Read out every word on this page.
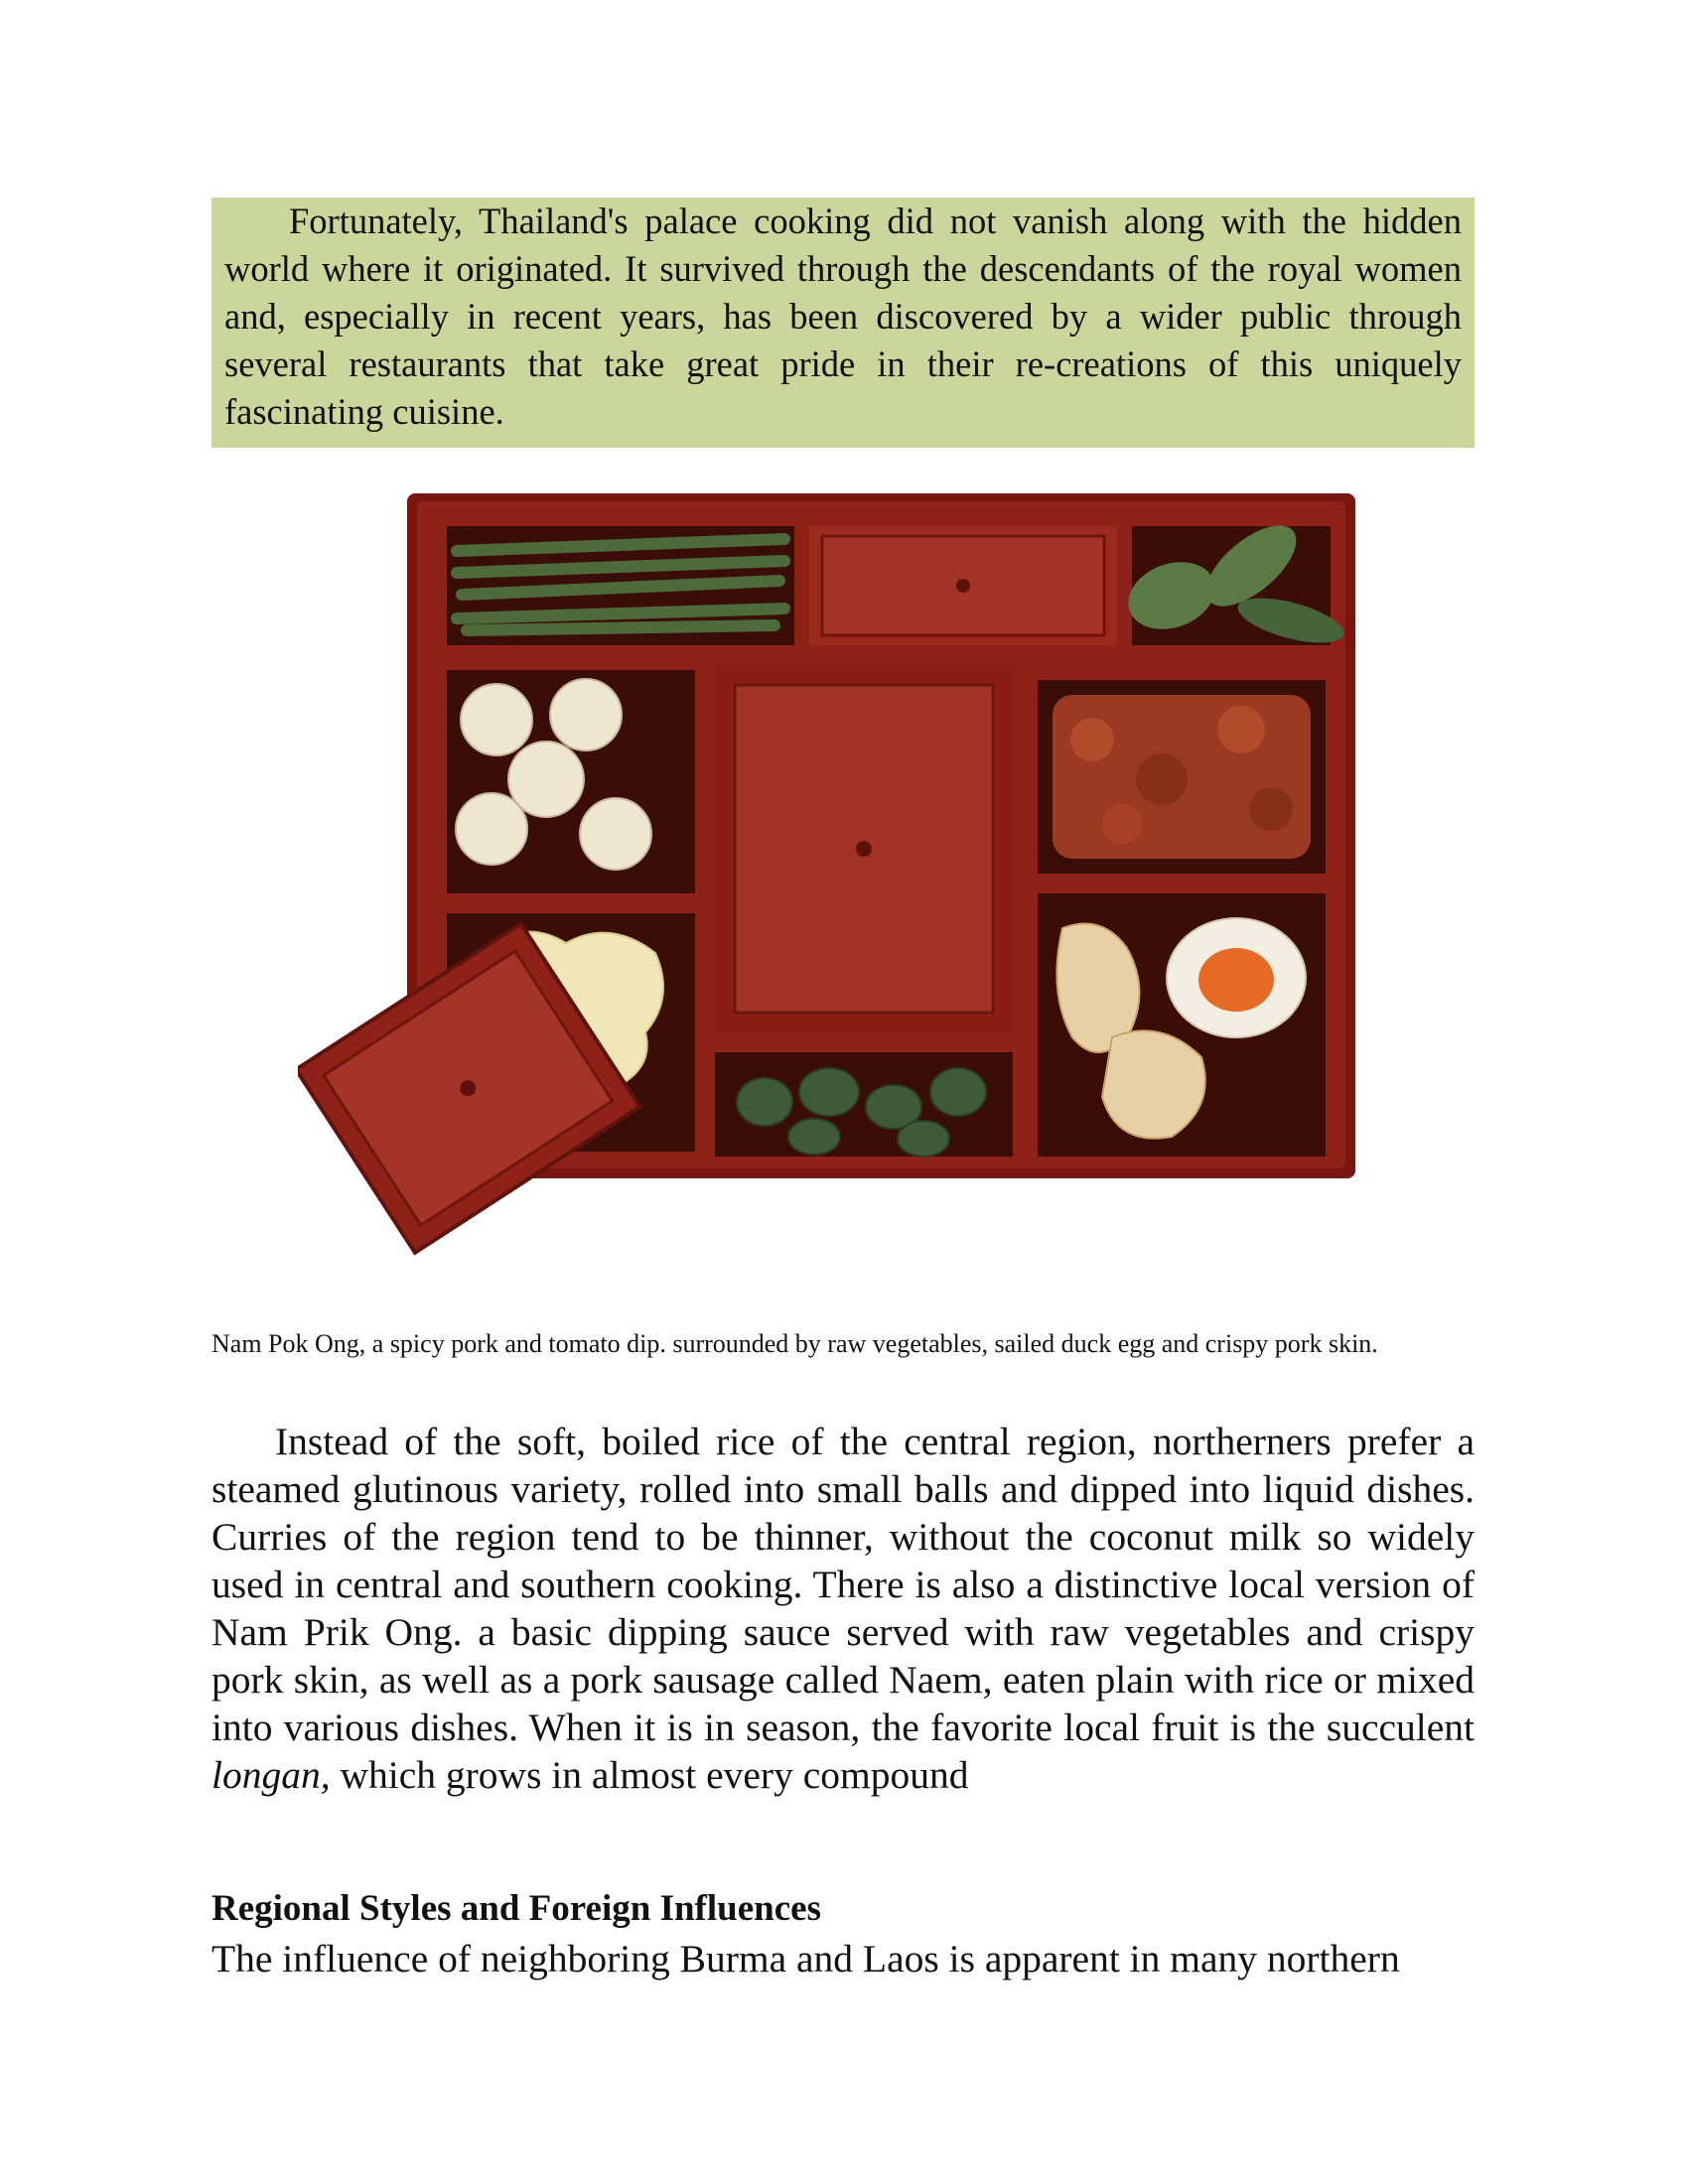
Fortunately, Thailand's palace cooking did not vanish along with the hidden world where it originated. It survived through the descendants of the royal women and, especially in recent years, has been discovered by a wider public through several restaurants that take great pride in their re-creations of this uniquely fascinating cuisine.

Nam Pok Ong, a spicy pork and tomato dip. surrounded by raw vegetables, sailed duck egg and crispy pork skin.

Instead of the soft, boiled rice of the central region, northerners prefer a steamed glutinous variety, rolled into small balls and dipped into liquid dishes. Curries of the region tend to be thinner, without the coconut milk so widely used in central and southern cooking. There is also a distinctive local version of Nam Prik Ong. a basic dipping sauce served with raw vegetables and crispy pork skin, as well as a pork sausage called Naem, eaten plain with rice or mixed into various dishes. When it is in season, the favorite local fruit is the succulent longan, which grows in almost every compound

Regional Styles and Foreign Influences

The influence of neighboring Burma and Laos is apparent in many northern
